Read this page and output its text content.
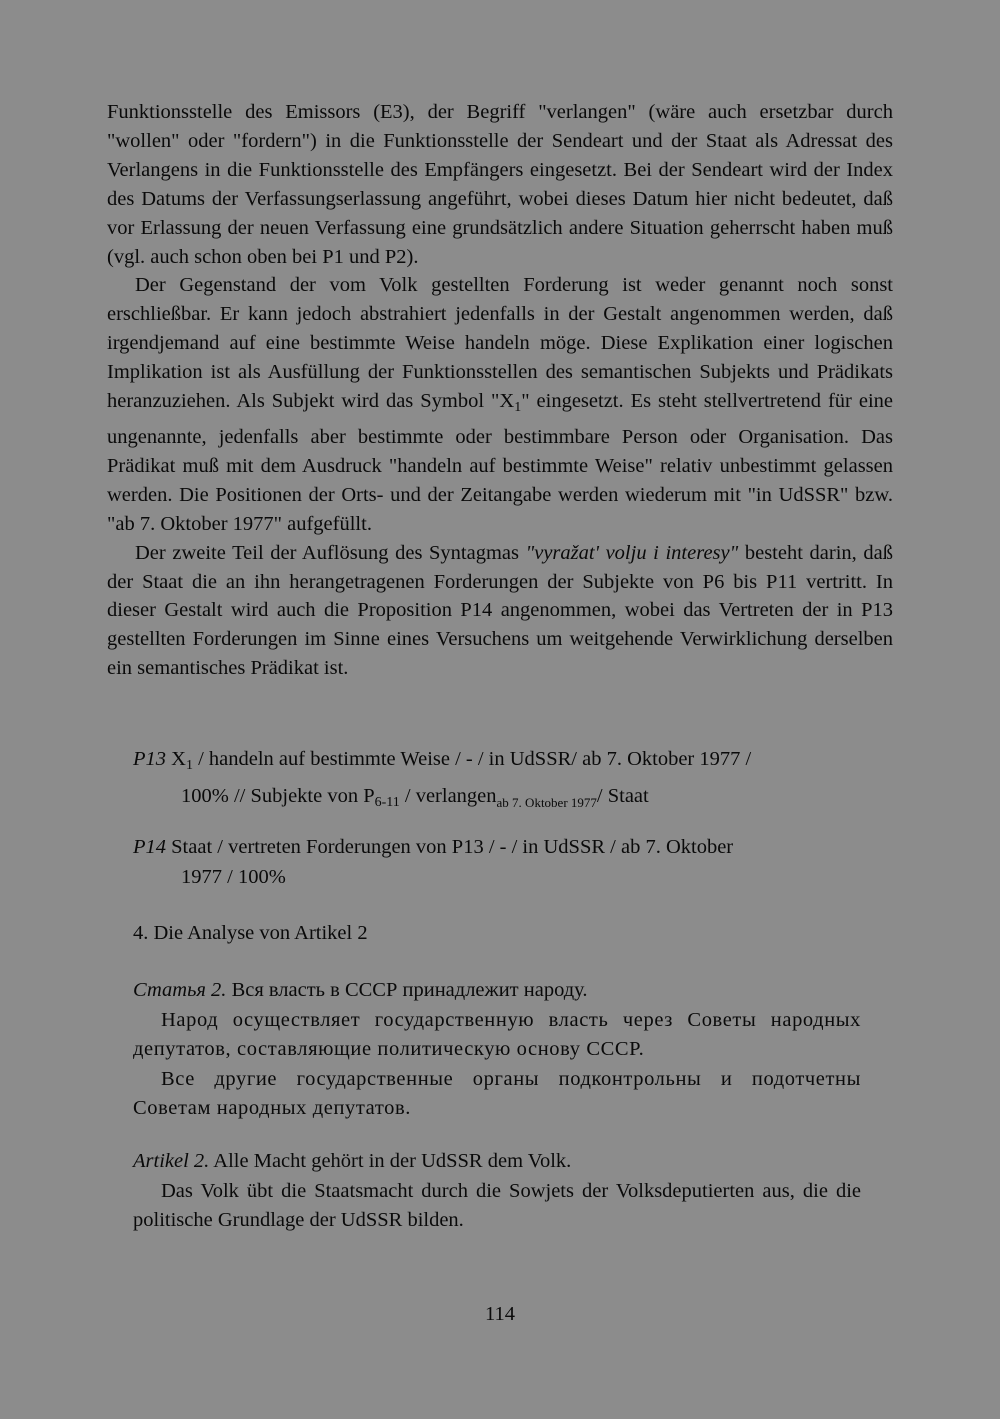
Funktionsstelle des Emissors (E3), der Begriff "verlangen" (wäre auch ersetzbar durch "wollen" oder "fordern") in die Funktionsstelle der Sendeart und der Staat als Adressat des Verlangens in die Funktionsstelle des Empfängers eingesetzt. Bei der Sendeart wird der Index des Datums der Verfassungserlassung angeführt, wobei dieses Datum hier nicht bedeutet, daß vor Erlassung der neuen Verfassung eine grundsätzlich andere Situation geherrscht haben muß (vgl. auch schon oben bei P1 und P2).

Der Gegenstand der vom Volk gestellten Forderung ist weder genannt noch sonst erschließbar. Er kann jedoch abstrahiert jedenfalls in der Gestalt angenommen werden, daß irgendjemand auf eine bestimmte Weise handeln möge. Diese Explikation einer logischen Implikation ist als Ausfüllung der Funktionsstellen des semantischen Subjekts und Prädikats heranzuziehen. Als Subjekt wird das Symbol "$X_1$" eingesetzt. Es steht stellvertretend für eine ungenannte, jedenfalls aber bestimmte oder bestimmbare Person oder Organisation. Das Prädikat muß mit dem Ausdruck "handeln auf bestimmte Weise" relativ unbestimmt gelassen werden. Die Positionen der Orts- und der Zeitangabe werden wiederum mit "in UdSSR" bzw. "ab 7. Oktober 1977" aufgefüllt.

Der zweite Teil der Auflösung des Syntagmas "vyražat' volju i interesy" besteht darin, daß der Staat die an ihn herangetragenen Forderungen der Subjekte von P6 bis P11 vertritt. In dieser Gestalt wird auch die Proposition P14 angenommen, wobei das Vertreten der in P13 gestellten Forderungen im Sinne eines Versuchens um weitgehende Verwirklichung derselben ein semantisches Prädikat ist.

P13 $X_1$ / handeln auf bestimmte Weise / - / in UdSSR/ ab 7. Oktober 1977 /
100% // Subjekte von $P_{6-11}$ / verlangen$_{ab 7. Oktober 1977}$/ Staat
P14 Staat / vertreten Forderungen von P13 / - / in UdSSR / ab 7. Oktober
1977 / 100%
4. Die Analyse von Artikel 2

Статья 2. Вся власть в СССР принадлежит народу.

Народ осуществляет государственную власть через Советы народных депутатов, составляющие политическую основу СССР.

Все другие государственные органы подконтрольны и подотчетны Советам народных депутатов.

Artikel 2. Alle Macht gehört in der UdSSR dem Volk.

Das Volk übt die Staatsmacht durch die Sowjets der Volksdeputierten aus, die die politische Grundlage der UdSSR bilden.

114
